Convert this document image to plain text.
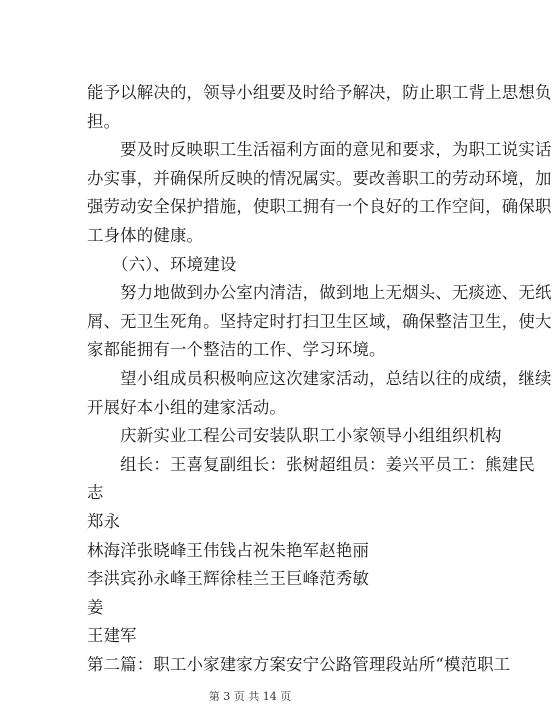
能予以解决的，领导小组要及时给予解决，防止职工背上思想负
担。
　　要及时反映职工生活福利方面的意见和要求，为职工说实话
办实事，并确保所反映的情况属实。要改善职工的劳动环境，加
强劳动安全保护措施，使职工拥有一个良好的工作空间，确保职
工身体的健康。
　　（六）、环境建设
　　努力地做到办公室内清洁，做到地上无烟头、无痰迹、无纸
屑、无卫生死角。坚持定时打扫卫生区域，确保整洁卫生，使大
家都能拥有一个整洁的工作、学习环境。
　　望小组成员积极响应这次建家活动，总结以往的成绩，继续
开展好本小组的建家活动。
　　庆新实业工程公司安装队职工小家领导小组组织机构
　　组长：王喜复副组长：张树超组员：姜兴平员工：熊建民
志
郑永
林海洋张晓峰王伟钱占祝朱艳军赵艳丽
李洪宾孙永峰王辉徐桂兰王巨峰范秀敏
姜
王建军
第二篇：职工小家建家方案安宁公路管理段站所“模范职工
第 3 页 共 14 页
